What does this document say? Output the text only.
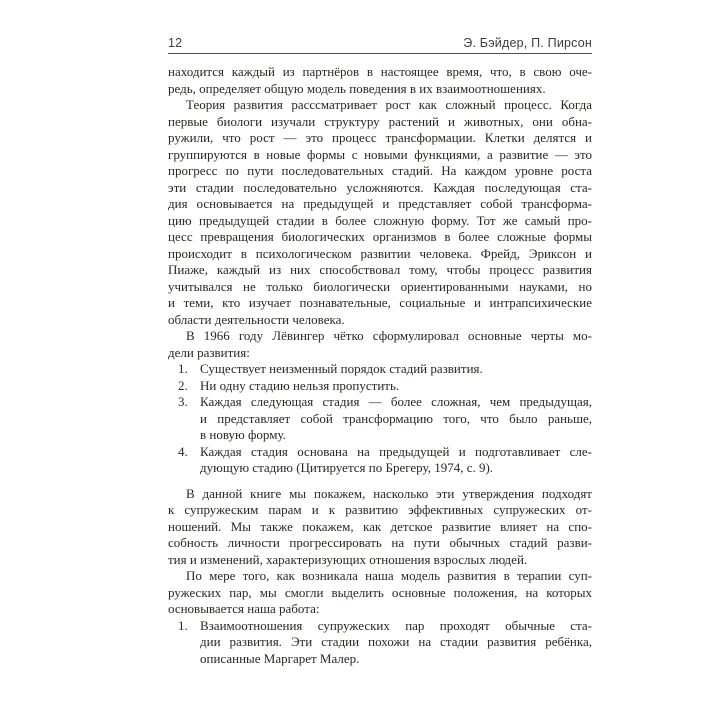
12	Э. Бэйдер, П. Пирсон
находится каждый из партнёров в настоящее время, что, в свою оче-
редь, определяет общую модель поведения в их взаимоотношениях.
Теория развития расссматривает рост как сложный процесс. Когда
первые биологи изучали структуру растений и животных, они обна-
ружили, что рост — это процесс трансформации. Клетки делятся и
группируются в новые формы с новыми функциями, а развитие — это
прогресс по пути последовательных стадий. На каждом уровне роста
эти стадии последовательно усложняются. Каждая последующая ста-
дия основывается на предыдущей и представляет собой трансформа-
цию предыдущей стадии в более сложную форму. Тот же самый про-
цесс превращения биологических организмов в более сложные формы
происходит в психологическом развитии человека. Фрейд, Эриксон и
Пиаже, каждый из них способствовал тому, чтобы процесс развития
учитывался не только биологически ориентированными науками, но
и теми, кто изучает познавательные, социальные и интрапсихические
области деятельности человека.
В 1966 году Лёвингер чётко сформулировал основные черты мо-
дели развития:
1. Существует неизменный порядок стадий развития.
2. Ни одну стадию нельзя пропустить.
3. Каждая следующая стадия — более сложная, чем предыдущая,
и представляет собой трансформацию того, что было раньше,
в новую форму.
4. Каждая стадия основана на предыдущей и подготавливает сле-
дующую стадию (Цитируется по Брегеру, 1974, с. 9).
В данной книге мы покажем, насколько эти утверждения подходят
к супружеским парам и к развитию эффективных супружеских от-
ношений. Мы также покажем, как детское развитие влияет на спо-
собность личности прогрессировать на пути обычных стадий разви-
тия и изменений, характеризующих отношения взрослых людей.
По мере того, как возникала наша модель развития в терапии суп-
ружеских пар, мы смогли выделить основные положения, на которых
основывается наша работа:
1. Взаимоотношения супружеских пар проходят обычные ста-
дии развития. Эти стадии похожи на стадии развития ребёнка,
описанные Маргарет Малер.
